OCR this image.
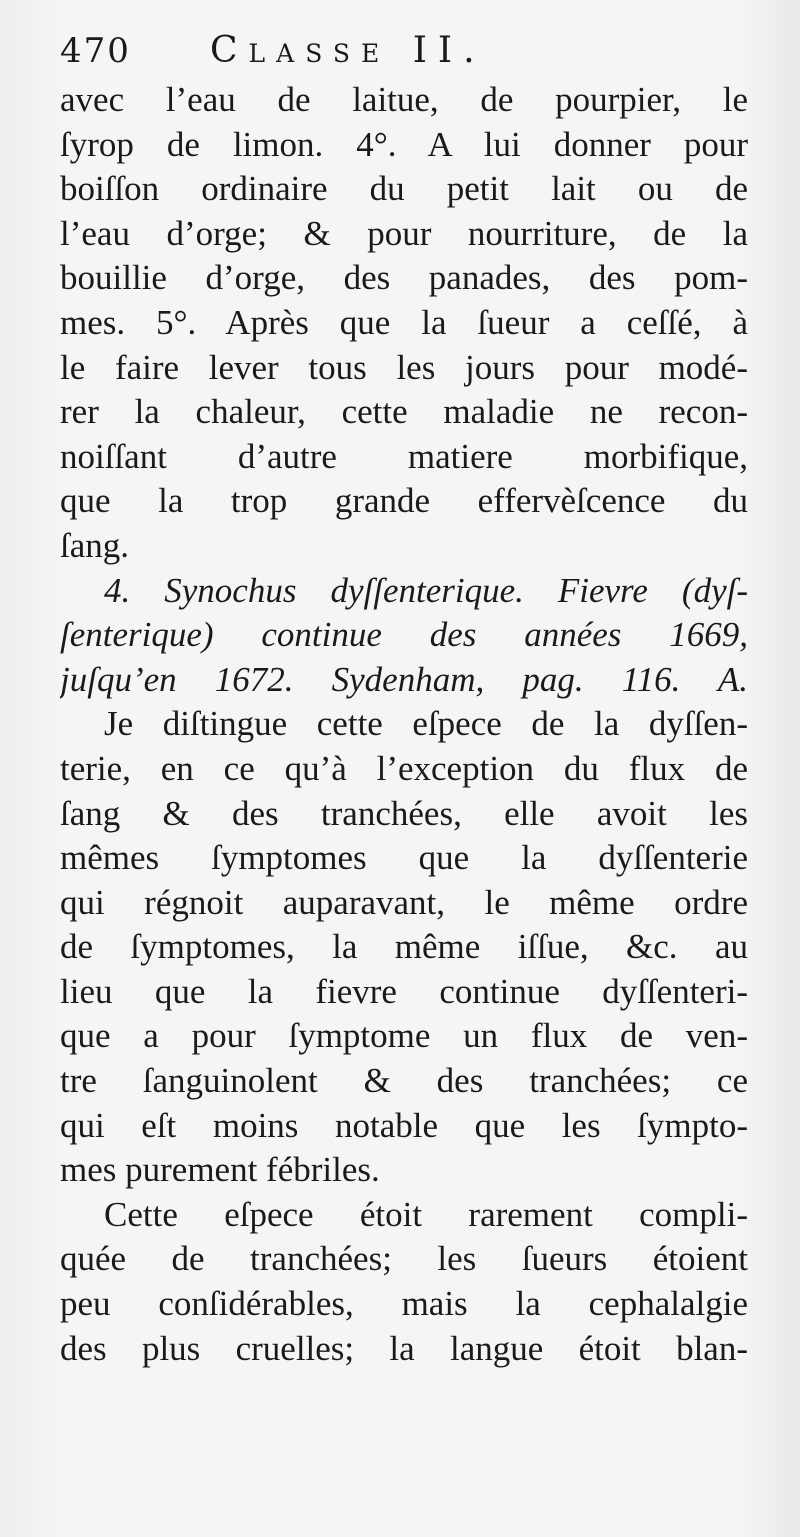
470	Classe II.

avec l’eau de laitue, de pourpier, le
ſyrop de limon. 4°. A lui donner pour
boiſſon ordinaire du petit lait ou de
l’eau d’orge; & pour nourriture, de la
bouillie d’orge, des panades, des pom-
mes. 5°. Après que la ſueur a ceſſé, à
le faire lever tous les jours pour modé-
rer la chaleur, cette maladie ne recon-
noiſſant d’autre matiere morbifique,
que la trop grande effervèſcence du
ſang.

4. Synochus dyſſenterique. Fievre (dyſ-
ſenterique) continue des années 1669,
juſqu’en 1672. Sydenham, pag. 116. A.

Je diſtingue cette eſpece de la dyſſen-
terie, en ce qu’à l’exception du flux de
ſang & des tranchées, elle avoit les
mêmes ſymptomes que la dyſſenterie
qui régnoit auparavant, le même ordre
de ſymptomes, la même iſſue, &c. au
lieu que la fievre continue dyſſenteri-
que a pour ſymptome un flux de ven-
tre ſanguinolent & des tranchées; ce
qui eſt moins notable que les ſympto-
mes purement fébriles.

Cette eſpece étoit rarement compli-
quée de tranchées; les ſueurs étoient
peu conſidérables, mais la cephalalgie
des plus cruelles; la langue étoit blan-
